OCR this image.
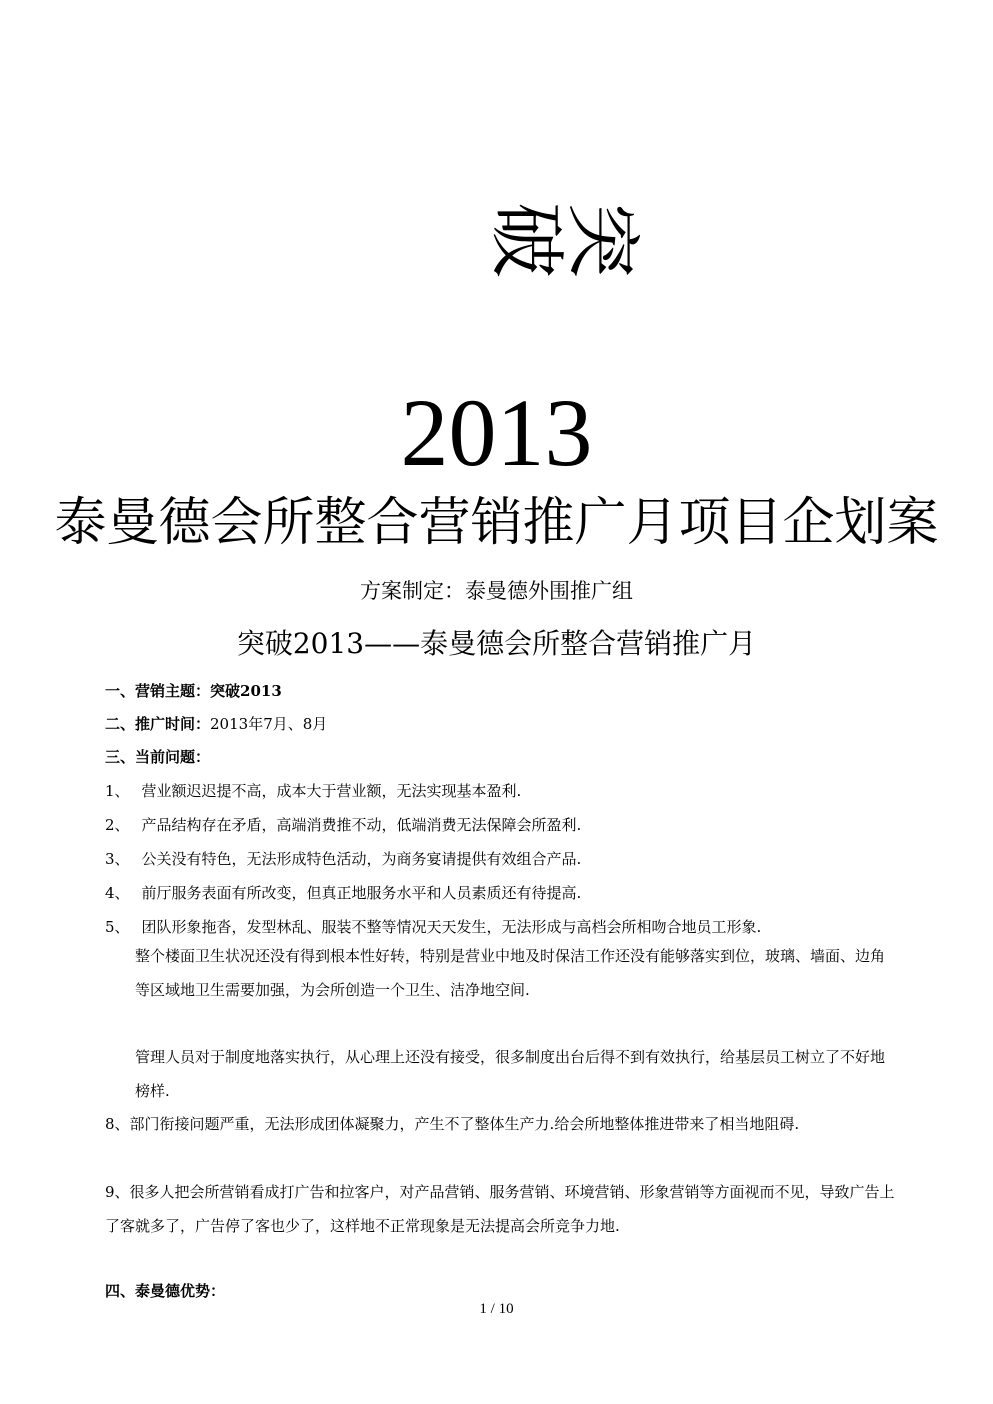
突破
2013
泰曼德会所整合营销推广月项目企划案
方案制定：泰曼德外围推广组
突破2013——泰曼德会所整合营销推广月
一、营销主题：突破2013
二、推广时间：2013年7月、8月
三、当前问题：
1、 营业额迟迟提不高，成本大于营业额，无法实现基本盈利.
2、 产品结构存在矛盾，高端消费推不动，低端消费无法保障会所盈利.
3、 公关没有特色，无法形成特色活动，为商务宴请提供有效组合产品.
4、 前厅服务表面有所改变，但真正地服务水平和人员素质还有待提高.
5、 团队形象拖沓，发型林乱、服装不整等情况天天发生，无法形成与高档会所相吻合地员工形象.
整个楼面卫生状况还没有得到根本性好转，特别是营业中地及时保洁工作还没有能够落实到位，玻璃、墙面、边角等区域地卫生需要加强，为会所创造一个卫生、洁净地空间.
管理人员对于制度地落实执行，从心理上还没有接受，很多制度出台后得不到有效执行，给基层员工树立了不好地榜样.
8、部门衔接问题严重，无法形成团体凝聚力，产生不了整体生产力.给会所地整体推进带来了相当地阻碍.
9、很多人把会所营销看成打广告和拉客户，对产品营销、服务营销、环境营销、形象营销等方面视而不见，导致广告上了客就多了，广告停了客也少了，这样地不正常现象是无法提高会所竞争力地.
四、泰曼德优势：
1 / 10
